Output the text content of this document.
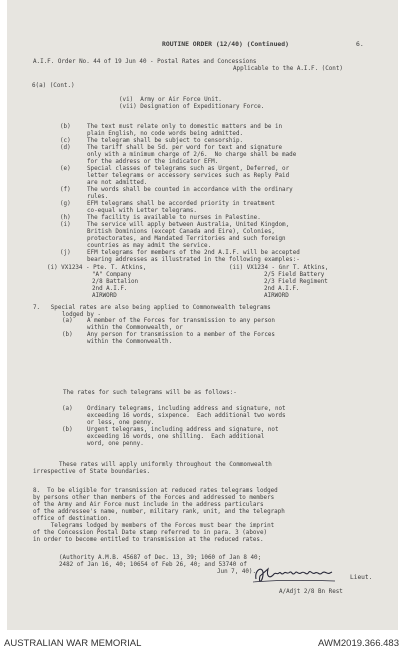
ROUTINE ORDER (12/40) (Continued)	6.
A.I.F. Order No. 44 of 19 Jun 40 - Postal Rates and Concessions
Applicable to the A.I.F. (Cont)
6(a) (Cont.)
(vi)  Army or Air Force Unit.
(vii) Designation of Expeditionary Force.
(b)	The text must relate only to domestic matters and be in
plain English, no code words being admitted.
(c)	The telegram shall be subject to censorship.
(d)	The tariff shall be 5d. per word for text and signature
only with a minimum charge of 2/6.  No charge shall be made
for the address or the indicator EFM.
(e)	Special classes of telegrams such as Urgent, Deferred, or
letter telegrams or accessory services such as Reply Paid
are not admitted.
(f)	The words shall be counted in accordance with the ordinary
rules.
(g)	EFM telegrams shall be accorded priority in treatment
co-equal with Letter telegrams.
(h)	The facility is available to nurses in Palestine.
(i)	The service will apply between Australia, United Kingdom,
British Dominions (except Canada and Eire), Colonies,
protectorates, and Mandated Territories and such foreign
countries as may admit the service.
(j)	EFM telegrams for members of the 2nd A.I.F. will be accepted
bearing addresses as illustrated in the following examples:-
(i) VX1234 - Pte. T. Atkins,
"A" Company
2/8 Battalion
2nd A.I.F.
AIRWORD
(ii) VX1234 - Gnr T. Atkins,
2/5 Field Battery
2/3 Field Regiment
2nd A.I.F.
AIRWORD
7.   Special rates are also being applied to Commonwealth telegrams
lodged by -
(a) A member of the Forces for transmission to any person
within the Commonwealth, or
(b) Any person for transmission to a member of the Forces
within the Commonwealth.
The rates for such telegrams will be as follows:-
(a) Ordinary telegrams, including address and signature, not
exceeding 16 words, sixpence.  Each additional two words
or less, one penny.
(b) Urgent telegrams, including address and signature, not
exceeding 16 words, one shilling.  Each additional
word, one penny.
These rates will apply uniformly throughout the Commonwealth
irrespective of State boundaries.
8.  To be eligible for transmission at reduced rates telegrams lodged
by persons other than members of the Forces and addressed to members
of the Army and Air Force must include in the address particulars
of the addressee's name, number, military rank, unit, and the telegraph
office of destination.
Telegrams lodged by members of the Forces must bear the imprint
of the Concession Postal Date stamp referred to in para. 3 (above)
in order to become entitled to transmission at the reduced rates.
(Authority A.M.B. 45687 of Dec. 13, 39; 1060 of Jan 8 40;
2482 of Jan 16, 40; 10654 of Feb 26, 40; and 53740 of
Jun 7, 40).
Lieut.
A/Adjt 2/8 Bn Rest
AUSTRALIAN WAR MEMORIAL	AWM2019.366.483
